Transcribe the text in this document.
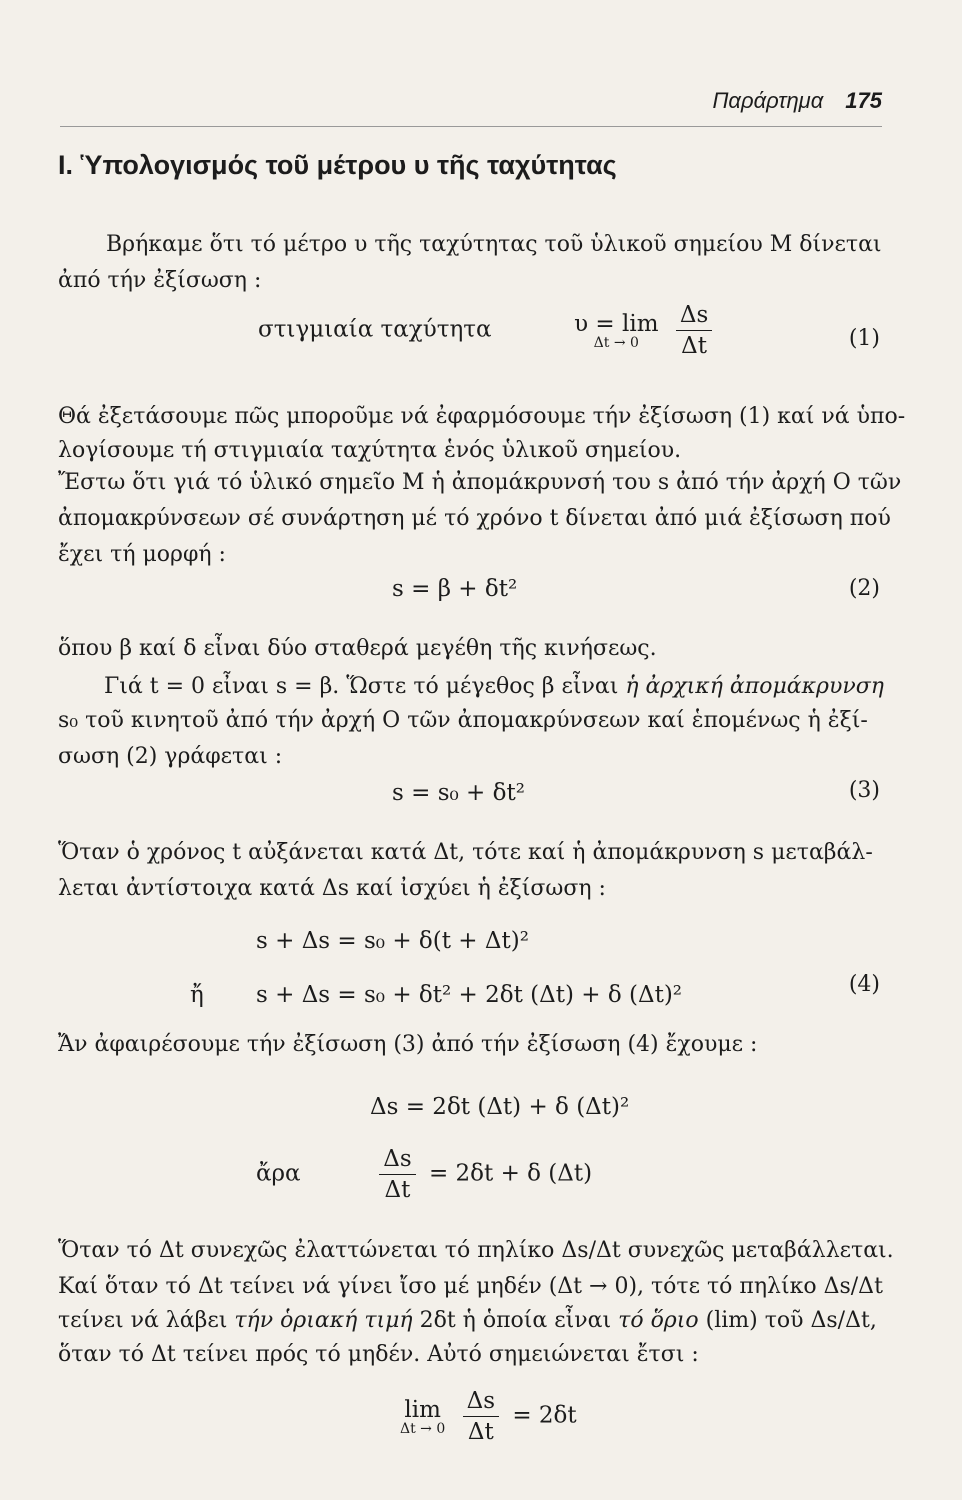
Παράρτημα 175
I. Ὑπολογισμός τοῦ μέτρου υ τῆς ταχύτητας
Βρήκαμε ὅτι τό μέτρο υ τῆς ταχύτητας τοῦ ὑλικοῦ σημείου Μ δίνεται
ἀπό τήν ἐξίσωση :
στιγμιαία ταχύτητα	υ = lim
Δt → 0
	$\frac{\Delta s}{\Delta t}$	(1)
Θά ἐξετάσουμε πῶς μποροῦμε νά ἐφαρμόσουμε τήν ἐξίσωση (1) καί νά ὑπο-
λογίσουμε τή στιγμιαία ταχύτητα ἑνός ὑλικοῦ σημείου.
Ἔστω ὅτι γιά τό ὑλικό σημεῖο Μ ἡ ἀπομάκρυνσή του s ἀπό τήν ἀρχή Ο τῶν
ἀπομακρύνσεων σέ συνάρτηση μέ τό χρόνο t δίνεται ἀπό μιά ἐξίσωση πού
ἔχει τή μορφή :
s = β + δt²	(2)
ὅπου β καί δ εἶναι δύο σταθερά μεγέθη τῆς κινήσεως.
Γιά t = 0 εἶναι s = β. Ὥστε τό μέγεθος β εἶναι ἡ ἀρχική ἀπομάκρυνση
s₀ τοῦ κινητοῦ ἀπό τήν ἀρχή Ο τῶν ἀπομακρύνσεων καί ἑπομένως ἡ ἐξί-
σωση (2) γράφεται :
s = s₀ + δt²	(3)
Ὅταν ὁ χρόνος t αὐξάνεται κατά Δt, τότε καί ἡ ἀπομάκρυνση s μεταβάλ-
λεται ἀντίστοιχα κατά Δs καί ἰσχύει ἡ ἐξίσωση :
s + Δs = s₀ + δ(t + Δt)²
ἤ s + Δs = s₀ + δt² + 2δt (Δt) + δ (Δt)²	(4)
Ἄν ἀφαιρέσουμε τήν ἐξίσωση (3) ἀπό τήν ἐξίσωση (4) ἔχουμε :
Δs = 2δt (Δt) + δ (Δt)²
ἄρα	$\frac{\Delta s}{\Delta t} = 2\delta t + \delta$ (Δt)
Ὅταν τό Δt συνεχῶς ἐλαττώνεται τό πηλίκο Δs/Δt συνεχῶς μεταβάλλεται.
Καί ὅταν τό Δt τείνει νά γίνει ἴσο μέ μηδέν (Δt → 0), τότε τό πηλίκο Δs/Δt
τείνει νά λάβει τήν ὁριακή τιμή 2δt ἡ ὁποία εἶναι τό ὅριο (lim) τοῦ Δs/Δt,
ὅταν τό Δt τείνει πρός τό μηδέν. Αὐτό σημειώνεται ἔτσι :
lim
Δt → 0
$\frac{\Delta s}{\Delta t} = 2\delta t$
